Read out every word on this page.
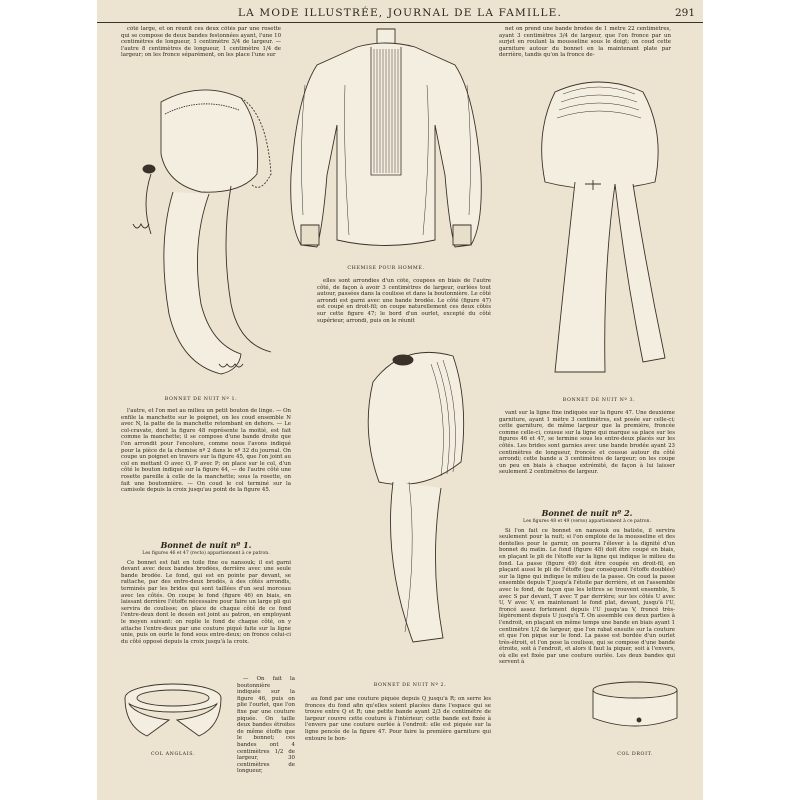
LA MODE ILLUSTRÉE, JOURNAL DE LA FAMILLE.	291

côté large, et on réunit ces deux côtés par une rosette qui se compose de deux bandes festonnées ayant, l'une 10 centimètres de longueur, 1 centimètre 3/4 de largeur. — l'autre 8 centimètres de longueur, 1 centimètre 1/4 de largeur; on les fronce séparément, on les place l'une sur

net on prend une bande brodée de 1 mètre 22 centimètres, ayant 3 centimètres 3/4 de largeur, que l'on fronce par un surjet en roulant la mousseline sous le doigt; on coud cette garniture autour du bonnet en la maintenant plate par derrière, tandis qu'on la fronce de-

CHEMISE POUR HOMME.
BONNET DE NUIT Nº 1.

elles sont arrondies d'un côté, coupées en biais de l'autre côté, de façon à avoir 3 centimètres de largeur, ourlées tout autour, passées dans la coulisse et dans la boutonnière. Le côté arrondi est garni avec une bande brodée. Le côté (figure 47) est coupé en droit-fil; on coupe naturellement ces deux côtés sur cette figure 47; le bord d'un ourlet, excepté du côté supérieur, arrondi, puis on le réunit

BONNET DE NUIT Nº 3.

l'autre, et l'on met au milieu un petit bouton de linge. — On enfile la manchette sur le poignet, on les coud ensemble N avec N, la patte de la manchette retombant en dehors. — Le col-cravate, dont la figure 48 représente la moitié, est fait comme la manchette; il se compose d'une bande droite que l'on arrondit pour l'encolure, comme nous l'avons indiqué pour la pièce de la chemise nº 2 dans le nº 32 du journal. On coupe un poignet en travers sur la figure 45, que l'on joint au col en mettant O avec O, P avec P; on place sur le col, d'un côté le bouton indiqué sur la figure 44, — de l'autre côté une rosette pareille à celle de la manchette; sous la rosette, on fait une boutonnière. — On coud le col terminé sur la camisole depuis la croix jusqu'au point de la figure 45.

Bonnet de nuit nº 1.

Les figures 46 et 47 (recto) appartiennent à ce patron.

Ce bonnet est fait en toile fine ou nansouk; il est garni devant avec deux bandes brodées, derrière avec une seule bande brodée. Le fond, qui est en pointe par devant, se rattache, par des entre-deux brodés, à des côtés arrondis, terminés par les brides qui sont taillées d'un seul morceau avec les côtés. On coupe le fond (figure 46) en biais, en laissant derrière l'étoffe nécessaire pour faire un large pli qui servira de coulisse; on place de chaque côté de ce fond l'entre-deux dont le dessin est joint au patron, en employant le moyen suivant: on replie le fond de chaque côté, on y attache l'entre-deux par une couture piqué faite sur la ligne unie, puis on ourle le fond sous entre-deux; on fronce celui-ci du côté opposé depuis la croix jusqu'à la croix.

COL ANGLAIS.

— On fait la boutonnière indiquée sur la figure 46, puis on plie l'ourlet, que l'on fixe par une couture piquée. On taille deux bandes étroites de même étoffe que le bonnet; ces bandes ont 4 centimètres 1/2 de largeur, 30 centimètres de longueur,

BONNET DE NUIT Nº 2.

au fond par une couture piquée depuis Q jusqu'à R; on serre les fronces du fond afin qu'elles soient placées dans l'espace qui se trouve entre Q et R; une petite bande ayant 2/3 de centimètre de largeur couvre cette couture à l'intérieur; cette bande est fixée à l'envers par une couture ourlée à l'endroit: elle est piquée sur la ligne pencée de la figure 47. Pour faire la première garniture qui entoure le bon-

vant sur la ligne fine indiquée sur la figure 47. Une deuxième garniture, ayant 1 mètre 3 centimètres, est posée sur celle-ci; cette garniture, de même largeur que la première, froncée comme celle-ci, cousue sur la ligne qui marque sa place sur les figures 46 et 47, se termine sous les entre-deux placés sur les côtés. Les brides sont garnies avec une bande brodée ayant 23 centimètres de longueur, froncée et cousue autour du côté arrondi; cette bande a 3 centimètres de largeur; on les coupe un peu en biais à chaque extrémité, de façon à lui laisser seulement 2 centimètres de largeur.

Bonnet de nuit nº 2.

Les figures 48 et 49 (verso) appartiennent à ce patron.

Si l'on fait ce bonnet en nansouk ou batiste, il servira seulement pour la nuit; si l'on emploie de la mousseline et des dentelles pour le garnir, on pourra l'élever à la dignité d'un bonnet du matin. Le fond (figure 48) doit être coupé en biais, en plaçant le pli de l'étoffe sur la ligne qui indique le milieu du fond. La passe (figure 49) doit être coupée en droit-fil, en plaçant aussi le pli de l'étoffe (par conséquent l'étoffe doublée) sur la ligne qui indique le milieu de la passe. On coud la passe ensemble depuis T jusqu'à l'étoile par derrière, et on l'assemble avec le fond, de façon que les lettres se trouvent ensemble, S avec S par devant, T avec T par derrière; sur les côtés U avec U, V avec V, en maintenant le fond plat, devant, jusqu'à l'U, froncé assez fortement depuis l'U jusqu'au V, froncé très-légèrement depuis U jusqu'à T. On assemble ces deux parties à l'endroit, en plaçant en même temps une bande en biais ayant 1 centimètre 1/2 de largeur, que l'on rabat ensuite sur la couture et que l'on pique sur le fond. La passe est bordée d'un ourlet très-étroit, et l'on pose la coulisse, qui se compose d'une bande étroite, soit à l'endroit, et alors il faut la piquer, soit à l'envers, où elle est fixée par une couture ourlée. Les deux bandes qui servent à

COL DROIT.
